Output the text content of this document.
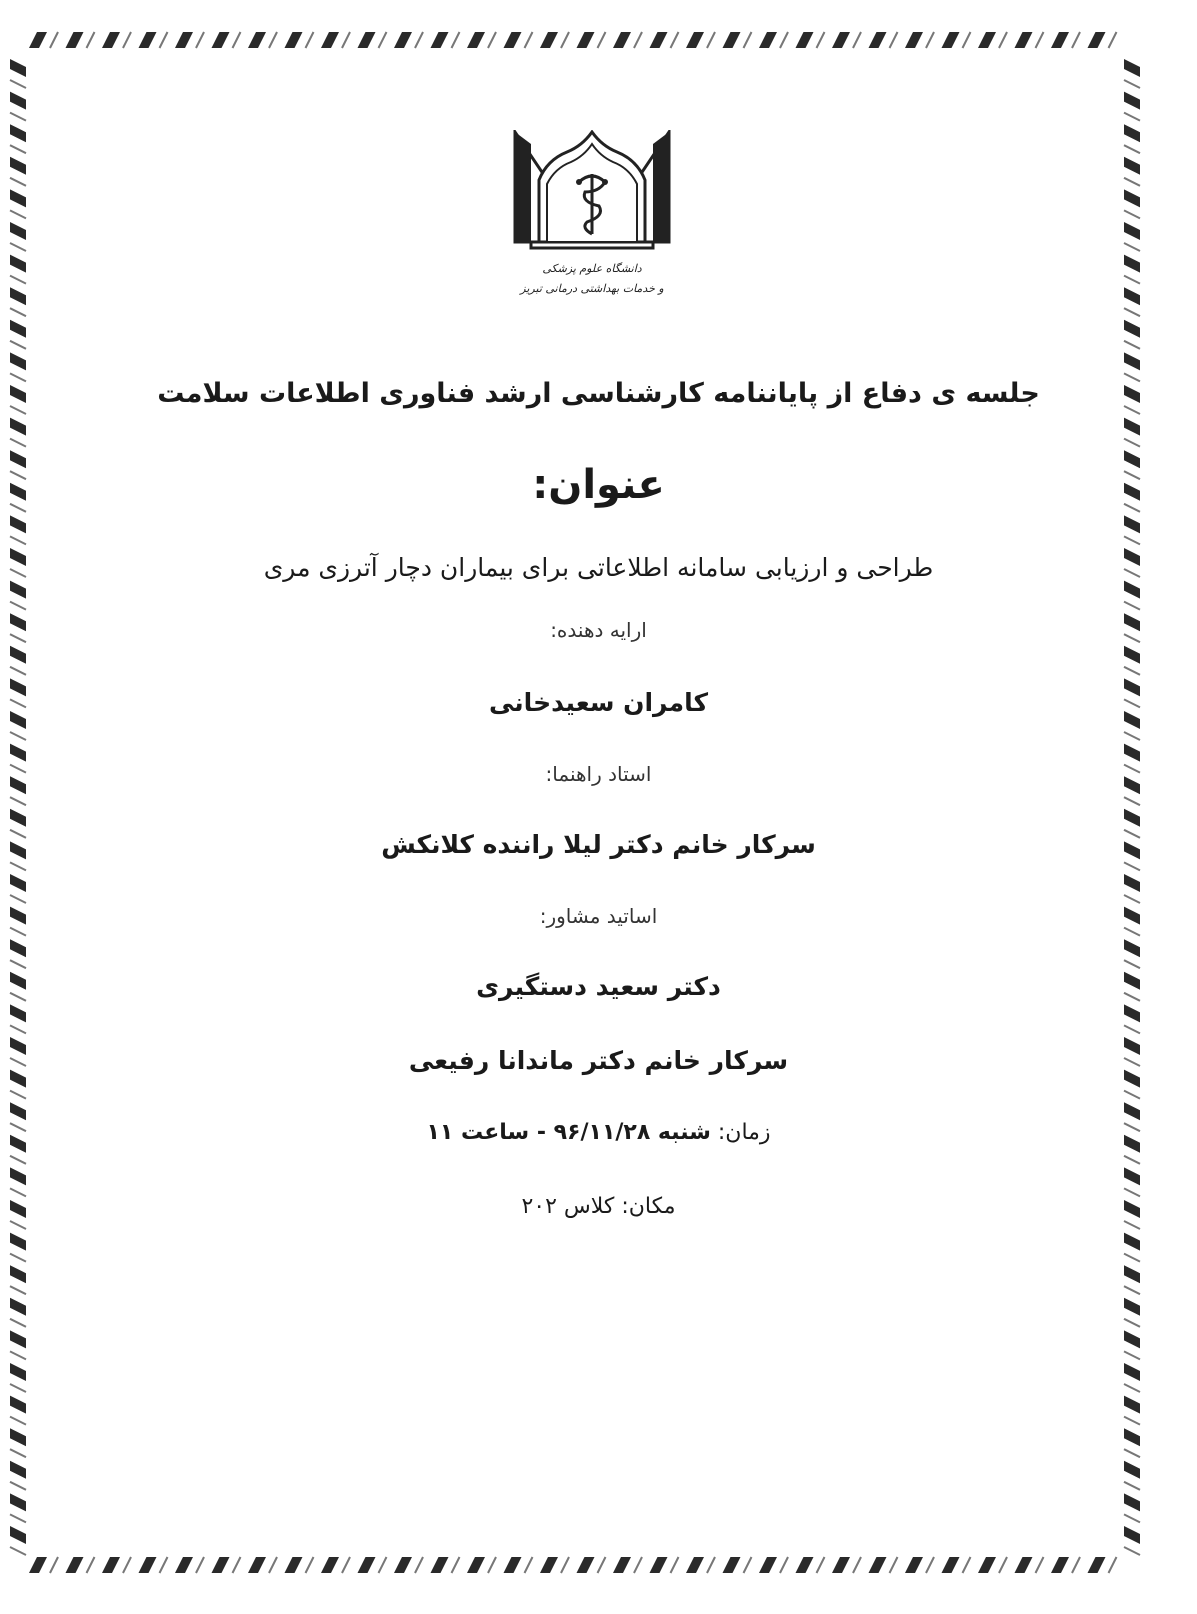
دانشگاه علوم پزشکی
و خدمات بهداشتی درمانی تبریز
جلسه ی دفاع از پایاننامه کارشناسی ارشد فناوری اطلاعات سلامت
عنوان:
طراحی و ارزیابی سامانه اطلاعاتی برای بیماران دچار آترزی مری
ارایه دهنده:
کامران سعیدخانی
استاد راهنما:
سرکار خانم دکتر لیلا راننده کلانکش
اساتید مشاور:
دکتر سعید دستگیری
سرکار خانم دکتر ماندانا رفیعی
زمان: شنبه ۹۶/۱۱/۲۸ - ساعت ۱۱
مکان: کلاس ۲۰۲
